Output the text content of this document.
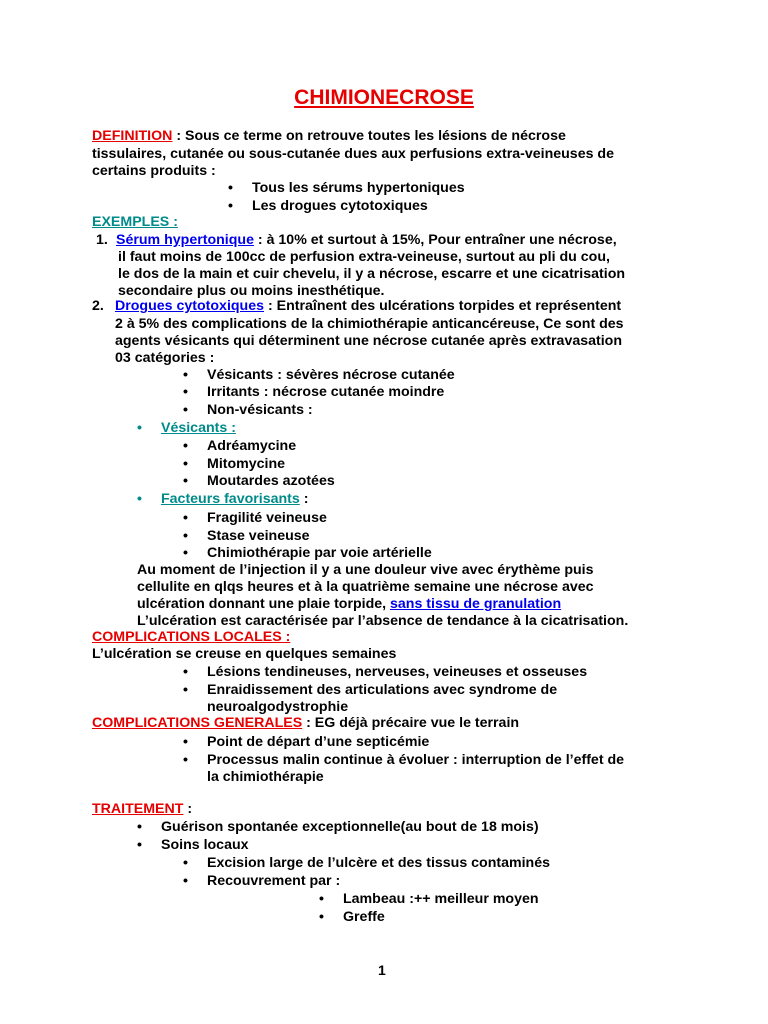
CHIMIONECROSE
DEFINITION : Sous ce terme on retrouve toutes les lésions de nécrose
tissulaires, cutanée ou sous-cutanée dues aux perfusions extra-veineuses de
certains produits :
• Tous les sérums hypertoniques
• Les drogues cytotoxiques
EXEMPLES :
1. Sérum hypertonique : à 10% et surtout à 15%, Pour entraîner une nécrose,
il faut moins de 100cc de perfusion extra-veineuse, surtout au pli du cou,
le dos de la main et cuir chevelu, il y a nécrose, escarre et une cicatrisation
secondaire plus ou moins inesthétique.
2. Drogues cytotoxiques : Entraînent des ulcérations torpides et représentent
2 à 5% des complications de la chimiothérapie anticancéreuse, Ce sont des
agents vésicants qui déterminent une nécrose cutanée après extravasation
03 catégories :
• Vésicants : sévères nécrose cutanée
• Irritants : nécrose cutanée moindre
• Non-vésicants :
• Vésicants :
• Adréamycine
• Mitomycine
• Moutardes azotées
• Facteurs favorisants :
• Fragilité veineuse
• Stase veineuse
• Chimiothérapie par voie artérielle
Au moment de l’injection il y a une douleur vive avec érythème puis
cellulite en qlqs heures et à la quatrième semaine une nécrose avec
ulcération donnant une plaie torpide, sans tissu de granulation
L’ulcération est caractérisée par l’absence de tendance à la cicatrisation.
COMPLICATIONS LOCALES :
L’ulcération se creuse en quelques semaines
• Lésions tendineuses, nerveuses, veineuses et osseuses
• Enraidissement des articulations avec syndrome de
neuroalgodystrophie
COMPLICATIONS GENERALES : EG déjà précaire vue le terrain
• Point de départ d’une septicémie
• Processus malin continue à évoluer : interruption de l’effet de
la chimiothérapie
TRAITEMENT :
• Guérison spontanée exceptionnelle(au bout de 18 mois)
• Soins locaux
• Excision large de l’ulcère et des tissus contaminés
• Recouvrement par :
• Lambeau :++ meilleur moyen
• Greffe
1
